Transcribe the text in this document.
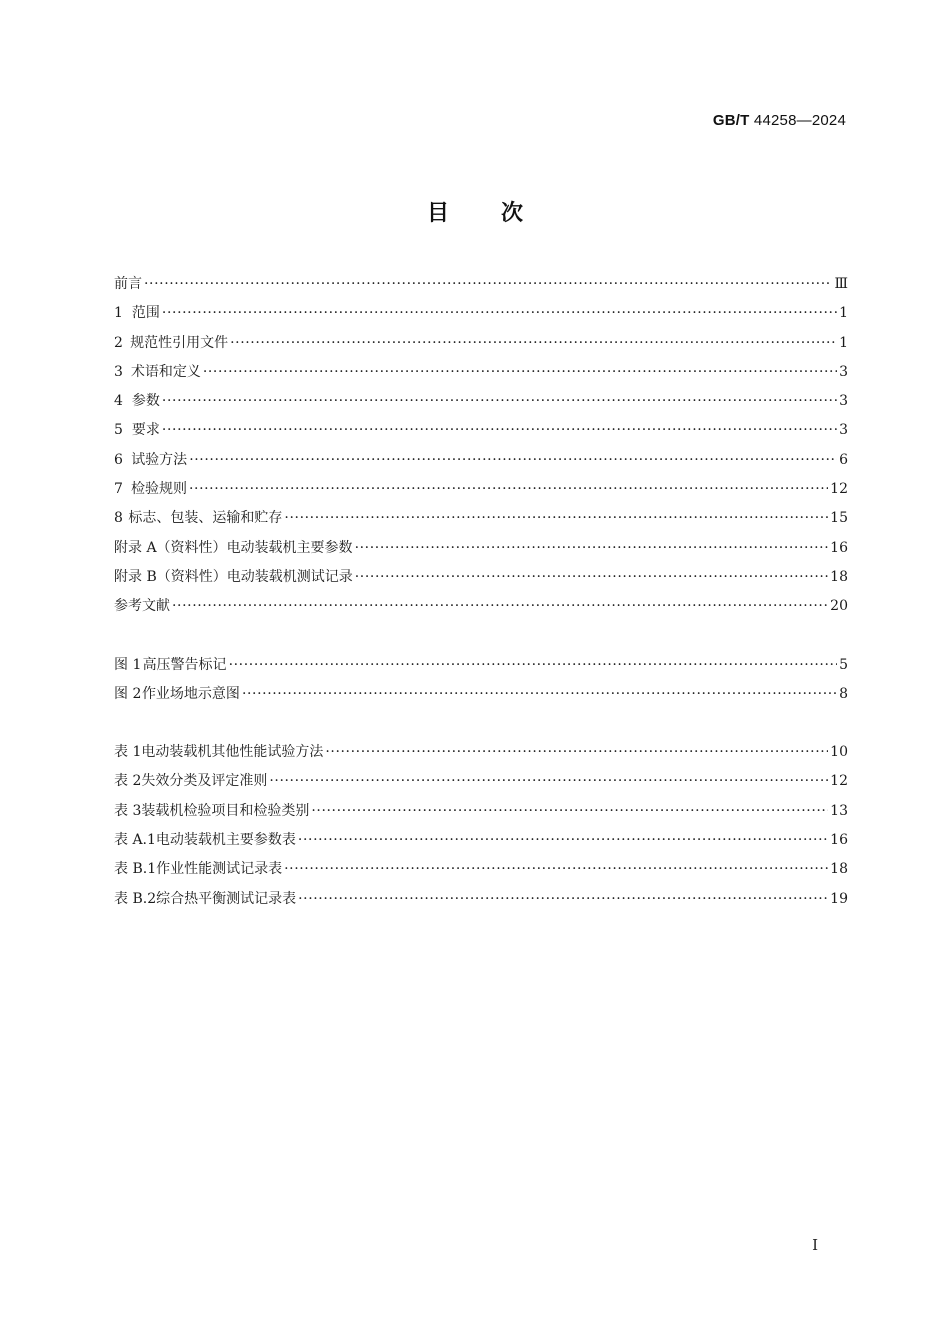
GB/T 44258—2024
目次
前言 ·····	Ⅲ
1 范围 ·····	1
2 规范性引用文件 ·····	1
3 术语和定义 ·····	3
4 参数 ·····	3
5 要求 ·····	3
6 试验方法 ·····	6
7 检验规则 ·····	12
8 标志、包装、运输和贮存 ·····	15
附录 A（资料性） 电动装载机主要参数 ·····	16
附录 B（资料性） 电动装载机测试记录 ·····	18
参考文献 ·····	20
图 1 高压警告标记 ·····	5
图 2 作业场地示意图 ·····	8
表 1 电动装载机其他性能试验方法 ·····	10
表 2 失效分类及评定准则 ·····	12
表 3 装载机检验项目和检验类别 ·····	13
表 A.1 电动装载机主要参数表 ·····	16
表 B.1 作业性能测试记录表 ·····	18
表 B.2 综合热平衡测试记录表 ·····	19
I
